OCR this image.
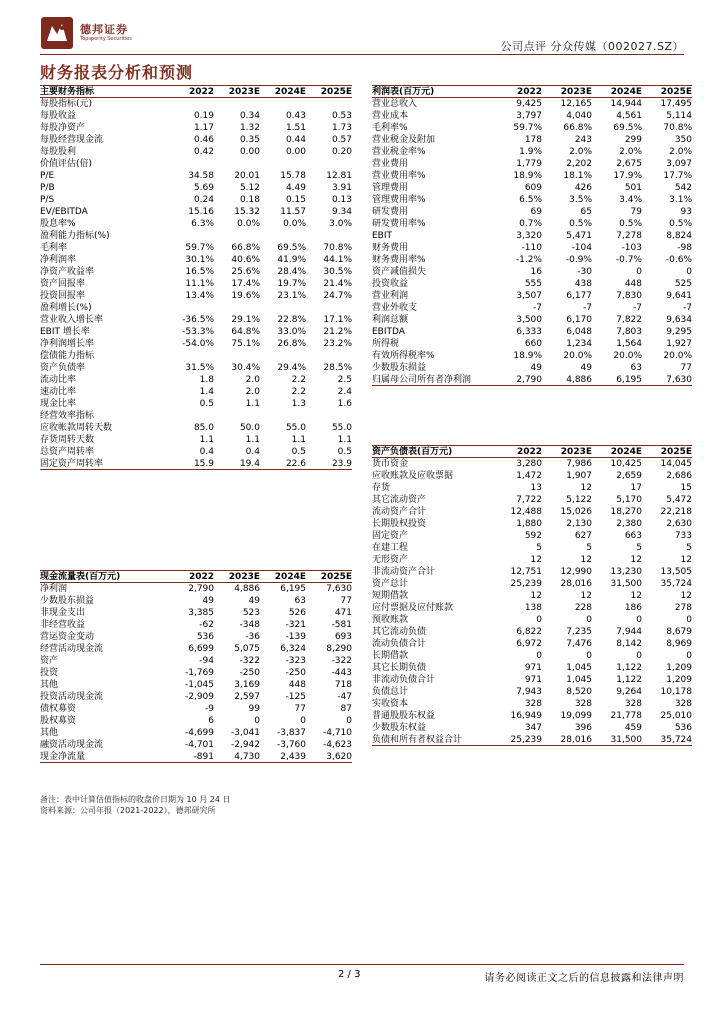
德邦证券
Topsperity Securities
公司点评 分众传媒（002027.SZ）
财务报表分析和预测
主要财务指标	2022	2023E	2024E	2025E
每股指标(元)
每股收益	0.19	0.34	0.43	0.53
每股净资产	1.17	1.32	1.51	1.73
每股经营现金流	0.46	0.35	0.44	0.57
每股股利	0.42	0.00	0.00	0.20
价值评估(倍)
P/E	34.58	20.01	15.78	12.81
P/B	5.69	5.12	4.49	3.91
P/S	0.24	0.18	0.15	0.13
EV/EBITDA	15.16	15.32	11.57	9.34
股息率%	6.3%	0.0%	0.0%	3.0%
盈利能力指标(%)
毛利率	59.7%	66.8%	69.5%	70.8%
净利润率	30.1%	40.6%	41.9%	44.1%
净资产收益率	16.5%	25.6%	28.4%	30.5%
资产回报率	11.1%	17.4%	19.7%	21.4%
投资回报率	13.4%	19.6%	23.1%	24.7%
盈利增长(%)
营业收入增长率	-36.5%	29.1%	22.8%	17.1%
EBIT 增长率	-53.3%	64.8%	33.0%	21.2%
净利润增长率	-54.0%	75.1%	26.8%	23.2%
偿债能力指标
资产负债率	31.5%	30.4%	29.4%	28.5%
流动比率	1.8	2.0	2.2	2.5
速动比率	1.4	2.0	2.2	2.4
现金比率	0.5	1.1	1.3	1.6
经营效率指标
应收帐款周转天数	85.0	50.0	55.0	55.0
存货周转天数	1.1	1.1	1.1	1.1
总资产周转率	0.4	0.4	0.5	0.5
固定资产周转率	15.9	19.4	22.6	23.9
利润表(百万元)	2022	2023E	2024E	2025E
营业总收入	9,425	12,165	14,944	17,495
营业成本	3,797	4,040	4,561	5,114
毛利率%	59.7%	66.8%	69.5%	70.8%
营业税金及附加	178	243	299	350
营业税金率%	1.9%	2.0%	2.0%	2.0%
营业费用	1,779	2,202	2,675	3,097
营业费用率%	18.9%	18.1%	17.9%	17.7%
管理费用	609	426	501	542
管理费用率%	6.5%	3.5%	3.4%	3.1%
研发费用	69	65	79	93
研发费用率%	0.7%	0.5%	0.5%	0.5%
EBIT	3,320	5,471	7,278	8,824
财务费用	-110	-104	-103	-98
财务费用率%	-1.2%	-0.9%	-0.7%	-0.6%
资产减值损失	16	-30	0	0
投资收益	555	438	448	525
营业利润	3,507	6,177	7,830	9,641
营业外收支	-7	-7	-7	-7
利润总额	3,500	6,170	7,822	9,634
EBITDA	6,333	6,048	7,803	9,295
所得税	660	1,234	1,564	1,927
有效所得税率%	18.9%	20.0%	20.0%	20.0%
少数股东损益	49	49	63	77
归属母公司所有者净利润	2,790	4,886	6,195	7,630
资产负债表(百万元)	2022	2023E	2024E	2025E
货币资金	3,280	7,986	10,425	14,045
应收账款及应收票据	1,472	1,907	2,659	2,686
存货	13	12	17	15
其它流动资产	7,722	5,122	5,170	5,472
流动资产合计	12,488	15,026	18,270	22,218
长期股权投资	1,880	2,130	2,380	2,630
固定资产	592	627	663	733
在建工程	5	5	5	5
无形资产	12	12	12	12
非流动资产合计	12,751	12,990	13,230	13,505
资产总计	25,239	28,016	31,500	35,724
短期借款	12	12	12	12
应付票据及应付账款	138	228	186	278
预收账款	0	0	0	0
其它流动负债	6,822	7,235	7,944	8,679
流动负债合计	6,972	7,476	8,142	8,969
长期借款	0	0	0	0
其它长期负债	971	1,045	1,122	1,209
非流动负债合计	971	1,045	1,122	1,209
负债总计	7,943	8,520	9,264	10,178
实收资本	328	328	328	328
普通股股东权益	16,949	19,099	21,778	25,010
少数股东权益	347	396	459	536
负债和所有者权益合计	25,239	28,016	31,500	35,724
现金流量表(百万元)	2022	2023E	2024E	2025E
净利润	2,790	4,886	6,195	7,630
少数股东损益	49	49	63	77
非现金支出	3,385	523	526	471
非经营收益	-62	-348	-321	-581
营运资金变动	536	-36	-139	693
经营活动现金流	6,699	5,075	6,324	8,290
资产	-94	-322	-323	-322
投资	-1,769	-250	-250	-443
其他	-1,045	3,169	448	718
投资活动现金流	-2,909	2,597	-125	-47
债权募资	-9	99	77	87
股权募资	6	0	0	0
其他	-4,699	-3,041	-3,837	-4,710
融资活动现金流	-4,701	-2,942	-3,760	-4,623
现金净流量	-891	4,730	2,439	3,620
备注：表中计算估值指标的收盘价日期为 10 月 24 日
资料来源：公司年报（2021-2022），德邦研究所
2 / 3	请务必阅读正文之后的信息披露和法律声明
